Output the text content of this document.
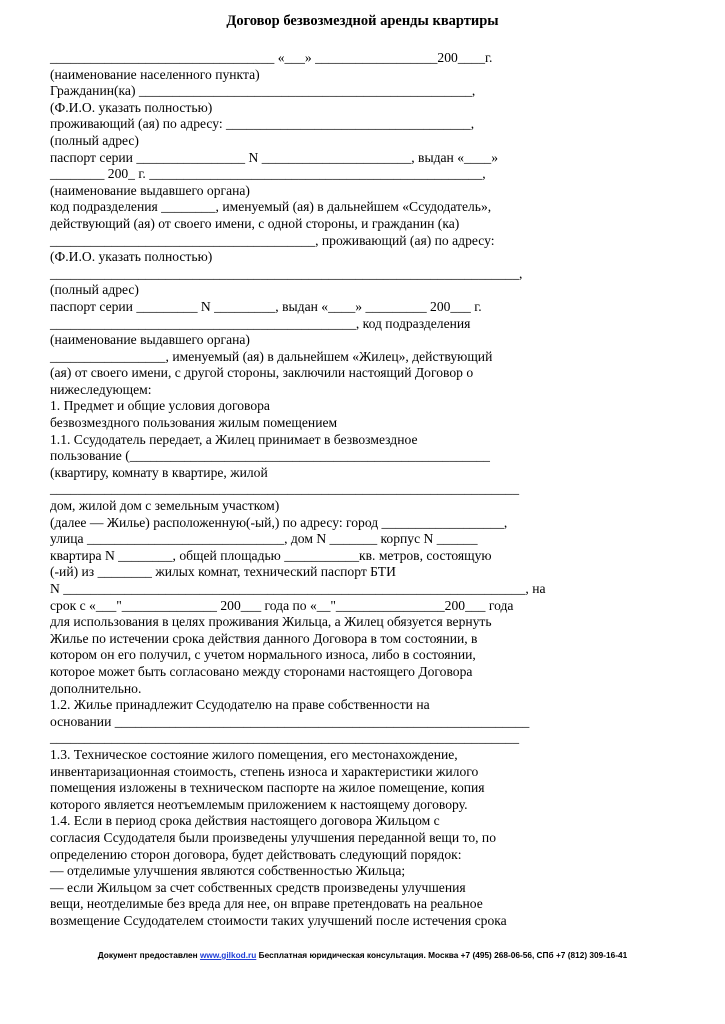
Договор безвозмездной аренды квартиры
_________________________________ «___» __________________200____г.
(наименование населенного пункта)
Гражданин(ка) _________________________________________________,
(Ф.И.О. указать полностью)
проживающий (ая) по адресу: ____________________________________,
(полный адрес)
паспорт серии ________________ N ______________________, выдан «____»
________ 200_ г. _________________________________________________,
(наименование выдавшего органа)
код подразделения ________, именуемый (ая) в дальнейшем «Ссудодатель»,
действующий (ая) от своего имени, с одной стороны, и гражданин (ка)
_______________________________________, проживающий (ая) по адресу:
(Ф.И.О. указать полностью)
_____________________________________________________________________,
(полный адрес)
паспорт серии _________ N _________, выдан «____» _________ 200___ г.
_____________________________________________, код подразделения
(наименование выдавшего органа)
_________________, именуемый (ая) в дальнейшем «Жилец», действующий
(ая) от своего имени, с другой стороны, заключили настоящий Договор о
нижеследующем:
1. Предмет и общие условия договора
безвозмездного пользования жилым помещением
1.1. Ссудодатель передает, а Жилец принимает в безвозмездное
пользование (_____________________________________________________
(квартиру, комнату в квартире, жилой
_____________________________________________________________________
дом, жилой дом с земельным участком)
(далее — Жилье) расположенную(-ый,) по адресу: город __________________,
улица _____________________________, дом N _______ корпус N ______
квартира N ________, общей площадью ___________кв. метров, состоящую
(-ий) из ________ жилых комнат, технический паспорт БТИ
N ____________________________________________________________________, на
срок с «___"______________ 200___ года по «__"________________200___ года
для использования в целях проживания Жильца, а Жилец обязуется вернуть
Жилье по истечении срока действия данного Договора в том состоянии, в
котором он его получил, с учетом нормального износа, либо в состоянии,
которое может быть согласовано между сторонами настоящего Договора
дополнительно.
1.2. Жилье принадлежит Ссудодателю на праве собственности на
основании _____________________________________________________________
_____________________________________________________________________
1.3. Техническое состояние жилого помещения, его местонахождение,
инвентаризационная стоимость, степень износа и характеристики жилого
помещения изложены в техническом паспорте на жилое помещение, копия
которого является неотъемлемым приложением к настоящему договору.
1.4. Если в период срока действия настоящего договора Жильцом с
согласия Ссудодателя были произведены улучшения переданной вещи то, по
определению сторон договора, будет действовать следующий порядок:
— отделимые улучшения являются собственностью Жильца;
— если Жильцом за счет собственных средств произведены улучшения
вещи, неотделимые без вреда для нее, он вправе претендовать на реальное
возмещение Ссудодателем стоимости таких улучшений после истечения срока
Документ предоставлен www.gilkod.ru Бесплатная юридическая консультация. Москва +7 (495) 268-06-56, СПб +7 (812) 309-16-41
